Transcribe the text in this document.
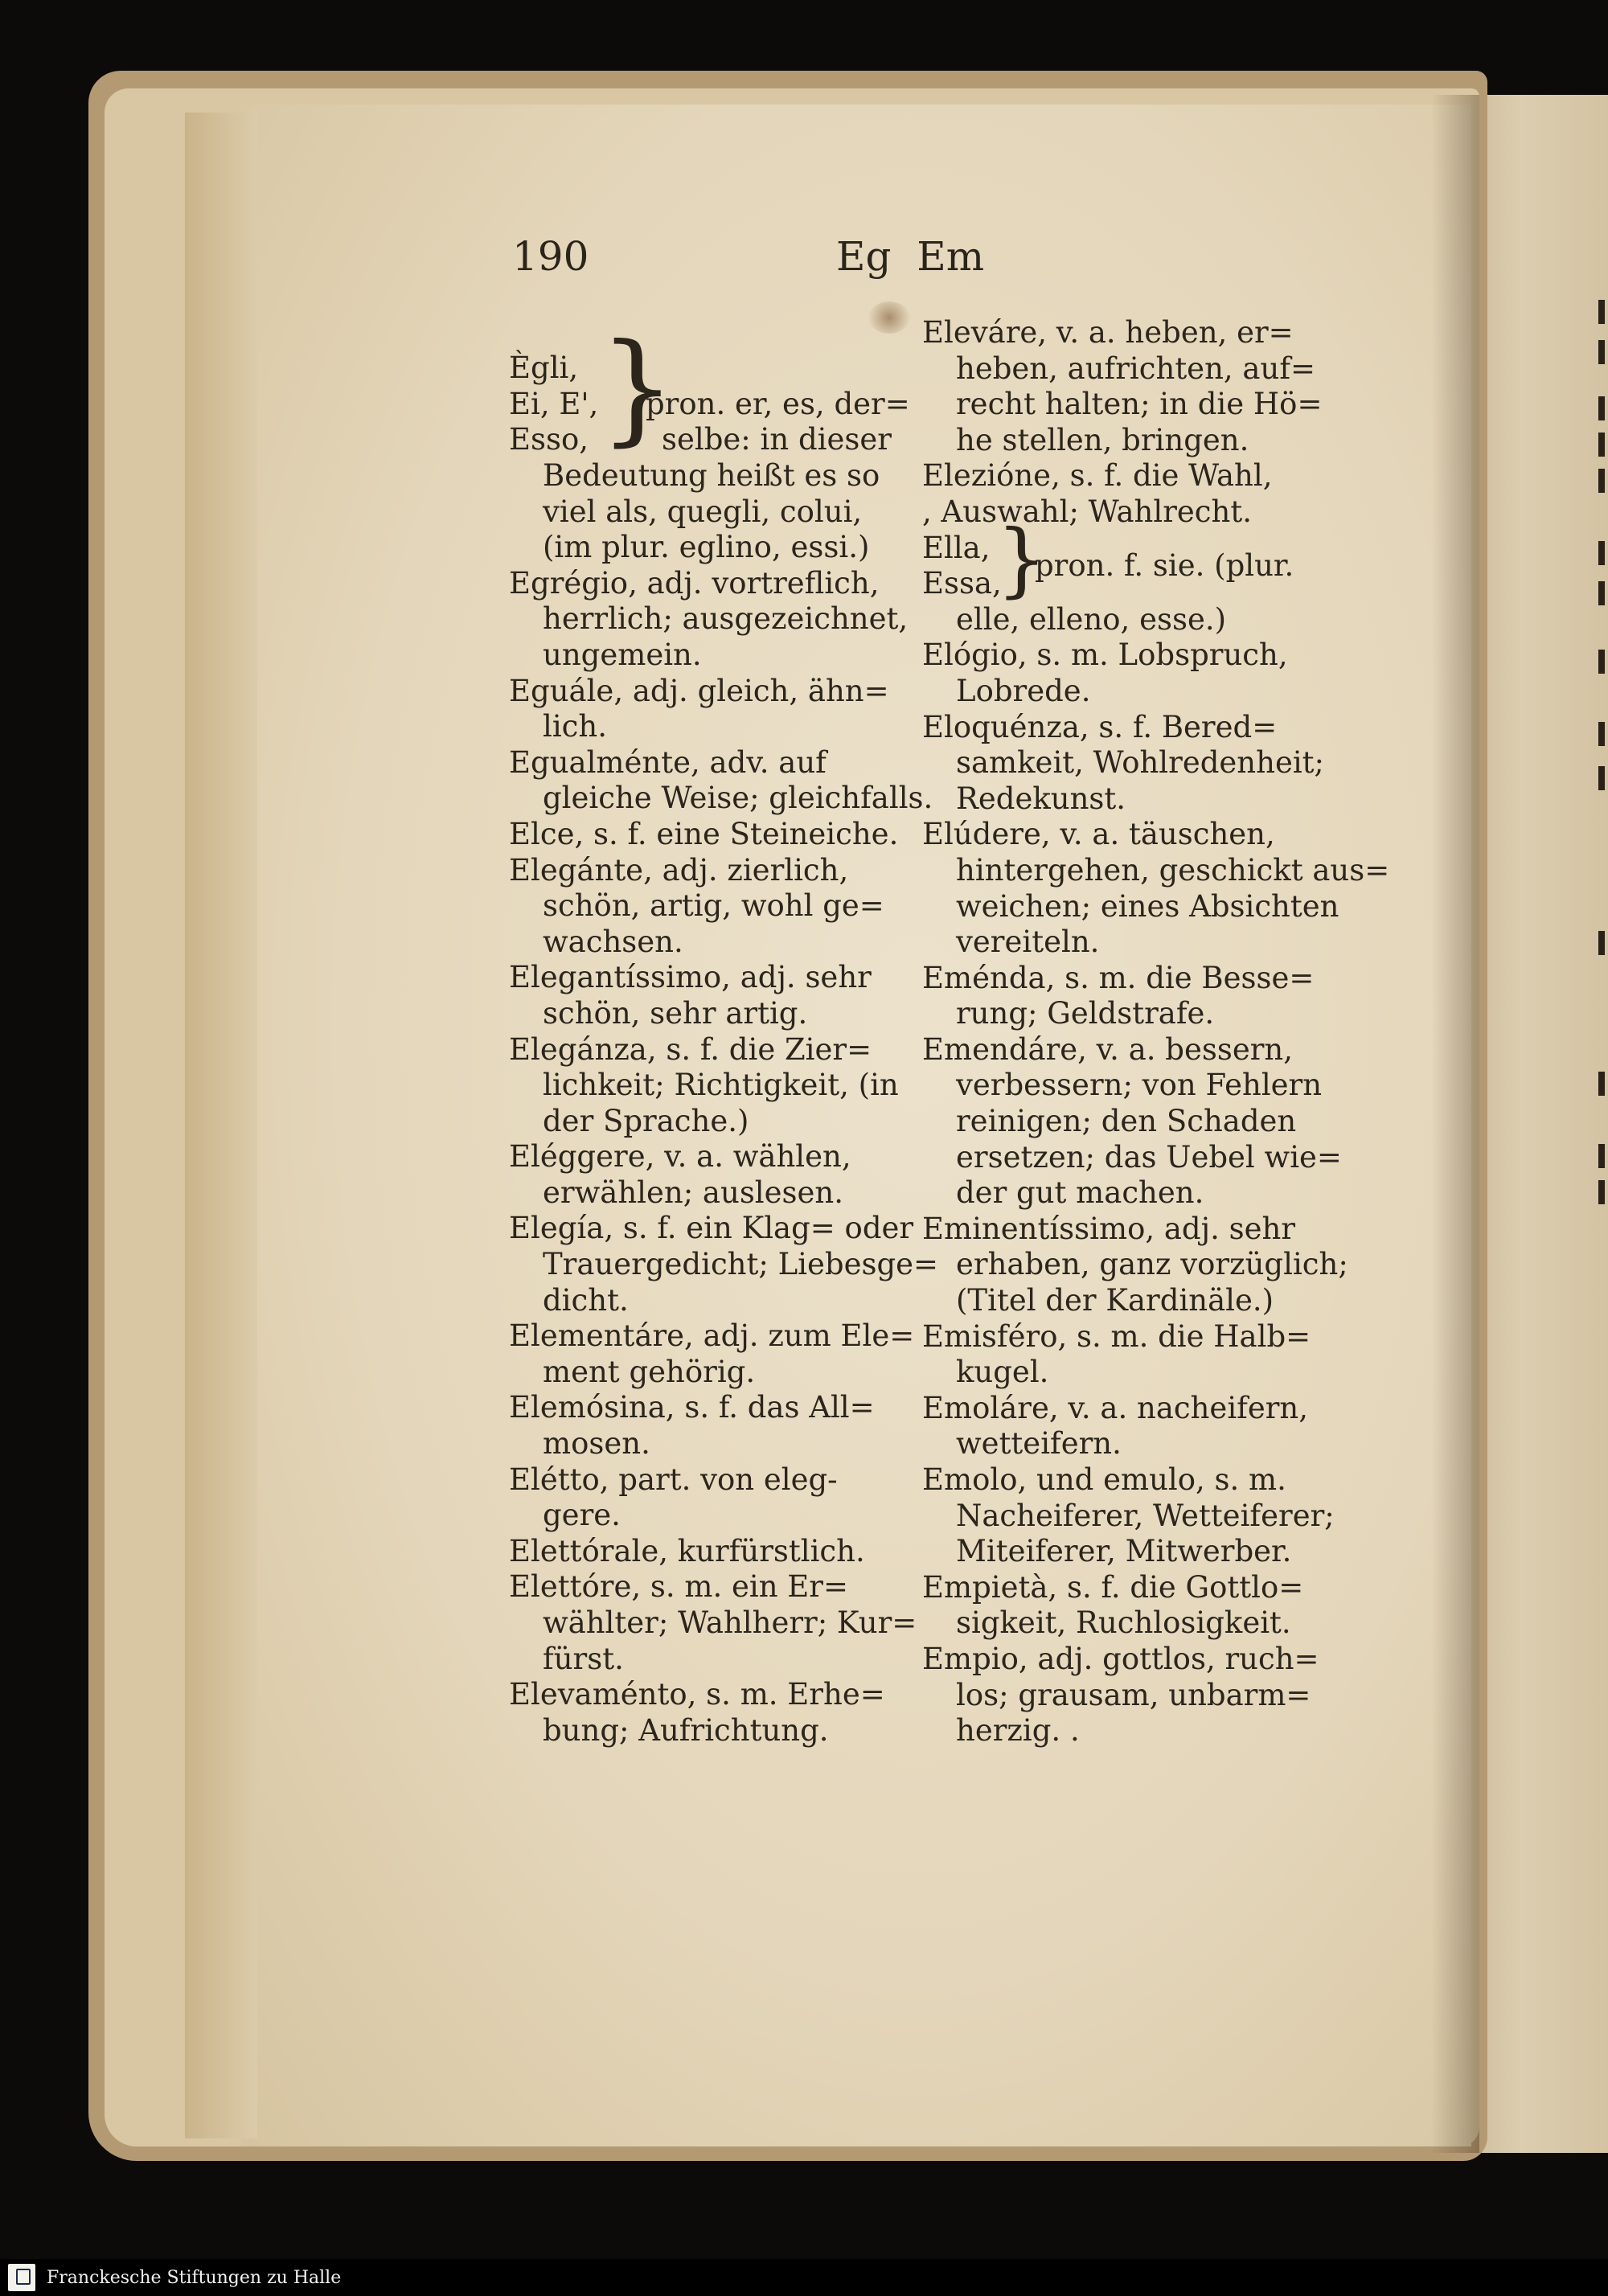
190	Eg  Em
Ègli,
Ei, E',
Esso, }
pron. er, es, der=
selbe: in dieser
Bedeutung heißt es so
viel als, quegli, colui,
(im plur. eglino, essi.)
Egrégio, adj. vortreflich,
herrlich; ausgezeichnet,
ungemein.
Eguále, adj. gleich, ähn=
lich.
Egualménte, adv. auf
gleiche Weise; gleichfalls.
Elce, s. f. eine Steineiche.
Elegánte, adj. zierlich,
schön, artig, wohl ge=
wachsen.
Elegantíssimo, adj. sehr
schön, sehr artig.
Elegánza, s. f. die Zier=
lichkeit; Richtigkeit, (in
der Sprache.)
Eléggere, v. a. wählen,
erwählen; auslesen.
Elegía, s. f. ein Klag= oder
Trauergedicht; Liebesge=
dicht.
Elementáre, adj. zum Ele=
ment gehörig.
Elemósina, s. f. das All=
mosen.
Elétto, part. von eleg-
gere.
Elettórale, kurfürstlich.
Elettóre, s. m. ein Er=
wählter; Wahlherr; Kur=
fürst.
Elevaménto, s. m. Erhe=
bung; Aufrichtung.
Eleváre, v. a. heben, er=
heben, aufrichten, auf=
recht halten; in die Hö=
he stellen, bringen.
Elezióne, s. f. die Wahl,
, Auswahl; Wahlrecht.
Ella,
Essa,
}
pron. f. sie. (plur.
elle, elleno, esse.)
Elógio, s. m. Lobspruch,
Lobrede.
Eloquénza, s. f. Bered=
samkeit, Wohlredenheit;
Redekunst.
Elúdere, v. a. täuschen,
hintergehen, geschickt aus=
weichen; eines Absichten
vereiteln.
Eménda, s. m. die Besse=
rung; Geldstrafe.
Emendáre, v. a. bessern,
verbessern; von Fehlern
reinigen; den Schaden
ersetzen; das Uebel wie=
der gut machen.
Eminentíssimo, adj. sehr
erhaben, ganz vorzüglich;
(Titel der Kardinäle.)
Emisféro, s. m. die Halb=
kugel.
Emoláre, v. a. nacheifern,
wetteifern.
Emolo, und emulo, s. m.
Nacheiferer, Wetteiferer;
Miteiferer, Mitwerber.
Empietà, s. f. die Gottlo=
sigkeit, Ruchlosigkeit.
Empio, adj. gottlos, ruch=
los; grausam, unbarm=
herzig. .
Franckesche Stiftungen zu Halle
